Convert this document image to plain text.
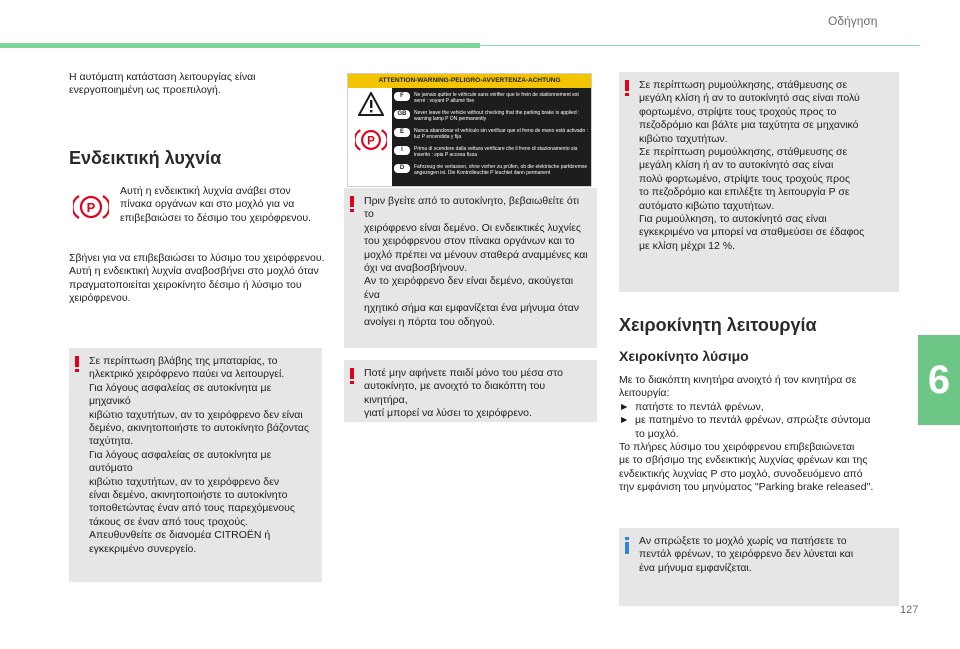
Οδήγηση

Η αυτόματη κατάσταση λειτουργίας είναι
ενεργοποιημένη ως προεπιλογή.

Ενδεικτική λυχνία
P

Αυτή η ενδεικτική λυχνία ανάβει στον
πίνακα οργάνων και στο μοχλό για να
επιβεβαιώσει το δέσιμο του χειρόφρενου.

Σβήνει για να επιβεβαιώσει το λύσιμο του χειρόφρενου.
Αυτή η ενδεικτική λυχνία αναβοσβήνει στο μοχλό όταν
πραγματοποιείται χειροκίνητο δέσιμο ή λύσιμο του
χειρόφρενου.

Σε περίπτωση βλάβης της μπαταρίας, το
ηλεκτρικό χειρόφρενο παύει να λειτουργεί.
Για λόγους ασφαλείας σε αυτοκίνητα με μηχανικό
κιβώτιο ταχυτήτων, αν το χειρόφρενο δεν είναι
δεμένο, ακινητοποιήστε το αυτοκίνητο βάζοντας
ταχύτητα.
Για λόγους ασφαλείας σε αυτοκίνητα με αυτόματο
κιβώτιο ταχυτήτων, αν το χειρόφρενο δεν
είναι δεμένο, ακινητοποιήστε το αυτοκίνητο
τοποθετώντας έναν από τους παρεχόμενους
τάκους σε έναν από τους τροχούς.
Απευθυνθείτε σε διανομέα CITROËN ή
εγκεκριμένο συνεργείο.
ATTENTION-WARNING-PELIGRO-AVVERTENZA-ACHTUNG
P
F	Ne jamais quitter le véhicule sans vérifier que le frein de stationnement est serré : voyant P allumé fixe
GB	Never leave the vehicle without checking that the parking brake is applied : warning lamp P ON permanently
E	Nunca abandonar el vehículo sin verificar que el freno de mano está activado : luz P encendida y fija
I	Prima di scendere dalla vettura verificare che il freno di stazionamento sia inserito : spia P accesa fissa
D	Fahrzeug nie verlassen, ohne vorher zu prüfen, ob die elektrische parkbremse angezogen ist. Die Kontrolleuchte P leuchtet dann permanent
Πριν βγείτε από το αυτοκίνητο, βεβαιωθείτε ότι το
χειρόφρενο είναι δεμένο. Οι ενδεικτικές λυχνίες
του χειρόφρενου στον πίνακα οργάνων και το
μοχλό πρέπει να μένουν σταθερά αναμμένες και
όχι να αναβοσβήνουν.
Αν το χειρόφρενο δεν είναι δεμένο, ακούγεται ένα
ηχητικό σήμα και εμφανίζεται ένα μήνυμα όταν
ανοίγει η πόρτα του οδηγού.
Ποτέ μην αφήνετε παιδί μόνο του μέσα στο
αυτοκίνητο, με ανοιχτό το διακόπτη του κινητήρα,
γιατί μπορεί να λύσει το χειρόφρενο.
Σε περίπτωση ρυμούλκησης, στάθμευσης σε
μεγάλη κλίση ή αν το αυτοκίνητό σας είναι πολύ
φορτωμένο, στρίψτε τους τροχούς προς το
πεζοδρόμιο και βάλτε μια ταχύτητα σε μηχανικό
κιβώτιο ταχυτήτων.
Σε περίπτωση ρυμούλκησης, στάθμευσης σε
μεγάλη κλίση ή αν το αυτοκίνητό σας είναι
πολύ φορτωμένο, στρίψτε τους τροχούς προς
το πεζοδρόμιο και επιλέξτε τη λειτουργία P σε
αυτόματο κιβώτιο ταχυτήτων.
Για ρυμούλκηση, το αυτοκίνητό σας είναι
εγκεκριμένο να μπορεί να σταθμεύσει σε έδαφος
με κλίση μέχρι 12 %.
Χειροκίνητη λειτουργία
Χειροκίνητο λύσιμο
Με το διακόπτη κινητήρα ανοιχτό ή τον κινητήρα σε
λειτουργία:
► πατήστε το πεντάλ φρένων,
► με πατημένο το πεντάλ φρένων, σπρώξτε σύντομα
το μοχλό.
Το πλήρες λύσιμο του χειρόφρενου επιβεβαιώνεται
με το σβήσιμο της ενδεικτικής λυχνίας φρένων και της
ενδεικτικής λυχνίας P στο μοχλό, συνοδευόμενο από
την εμφάνιση του μηνύματος "Parking brake released".
Αν σπρώξετε το μοχλό χωρίς να πατήσετε το
πεντάλ φρένων, το χειρόφρενο δεν λύνεται και
ένα μήνυμα εμφανίζεται.
6
127
